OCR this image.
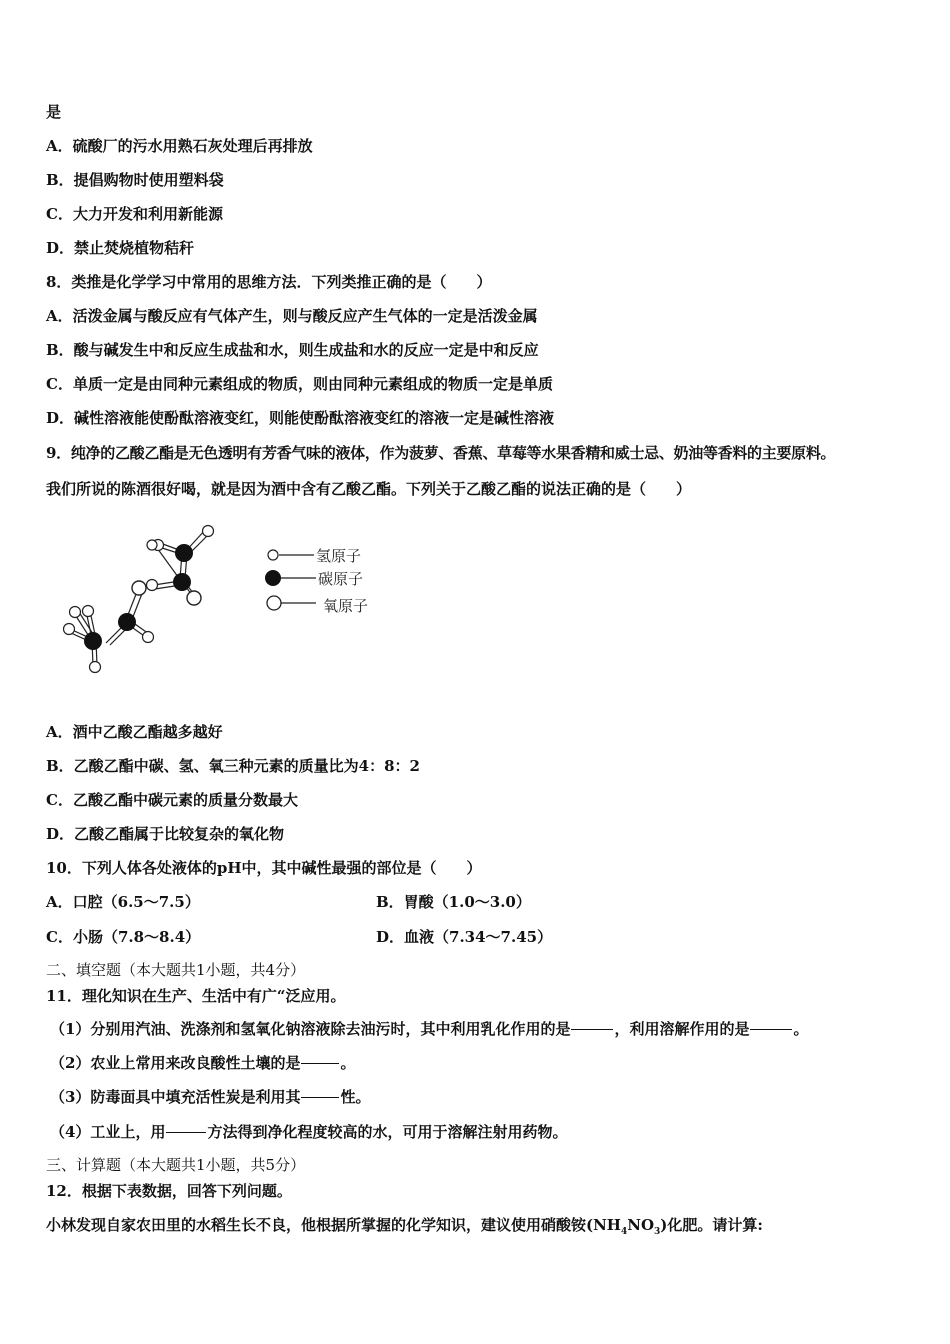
是
A．硫酸厂的污水用熟石灰处理后再排放
B．提倡购物时使用塑料袋
C．大力开发和利用新能源
D．禁止焚烧植物秸秆
8．类推是化学学习中常用的思维方法．下列类推正确的是（　　）
A．活泼金属与酸反应有气体产生，则与酸反应产生气体的一定是活泼金属
B．酸与碱发生中和反应生成盐和水，则生成盐和水的反应一定是中和反应
C．单质一定是由同种元素组成的物质，则由同种元素组成的物质一定是单质
D．碱性溶液能使酚酞溶液变红，则能使酚酞溶液变红的溶液一定是碱性溶液
9．纯净的乙酸乙酯是无色透明有芳香气味的液体，作为菠萝、香蕉、草莓等水果香精和威士忌、奶油等香料的主要原料。
我们所说的陈酒很好喝，就是因为酒中含有乙酸乙酯。下列关于乙酸乙酯的说法正确的是（　　）
氢原子
碳原子
氧原子
A．酒中乙酸乙酯越多越好
B．乙酸乙酯中碳、氢、氧三种元素的质量比为4：8：2
C．乙酸乙酯中碳元素的质量分数最大
D．乙酸乙酯属于比较复杂的氧化物
10．下列人体各处液体的pH中，其中碱性最强的部位是（　　）
A．口腔（6.5～7.5）	B．胃酸（1.0～3.0）
C．小肠（7.8～8.4）	D．血液（7.34～7.45）
二、填空题（本大题共1小题，共4分）
11．理化知识在生产、生活中有广“泛应用。
（1）分别用汽油、洗涤剂和氢氧化钠溶液除去油污时，其中利用乳化作用的是	，利用溶解作用的是	。
（2）农业上常用来改良酸性土壤的是	。
（3）防毒面具中填充活性炭是利用其	性。
（4）工业上，用	方法得到净化程度较高的水，可用于溶解注射用药物。
三、计算题（本大题共1小题，共5分）
12．根据下表数据，回答下列问题。
小林发现自家农田里的水稻生长不良，他根据所掌握的化学知识，建议使用硝酸铵$(NH_4NO_3)$化肥。请计算:
